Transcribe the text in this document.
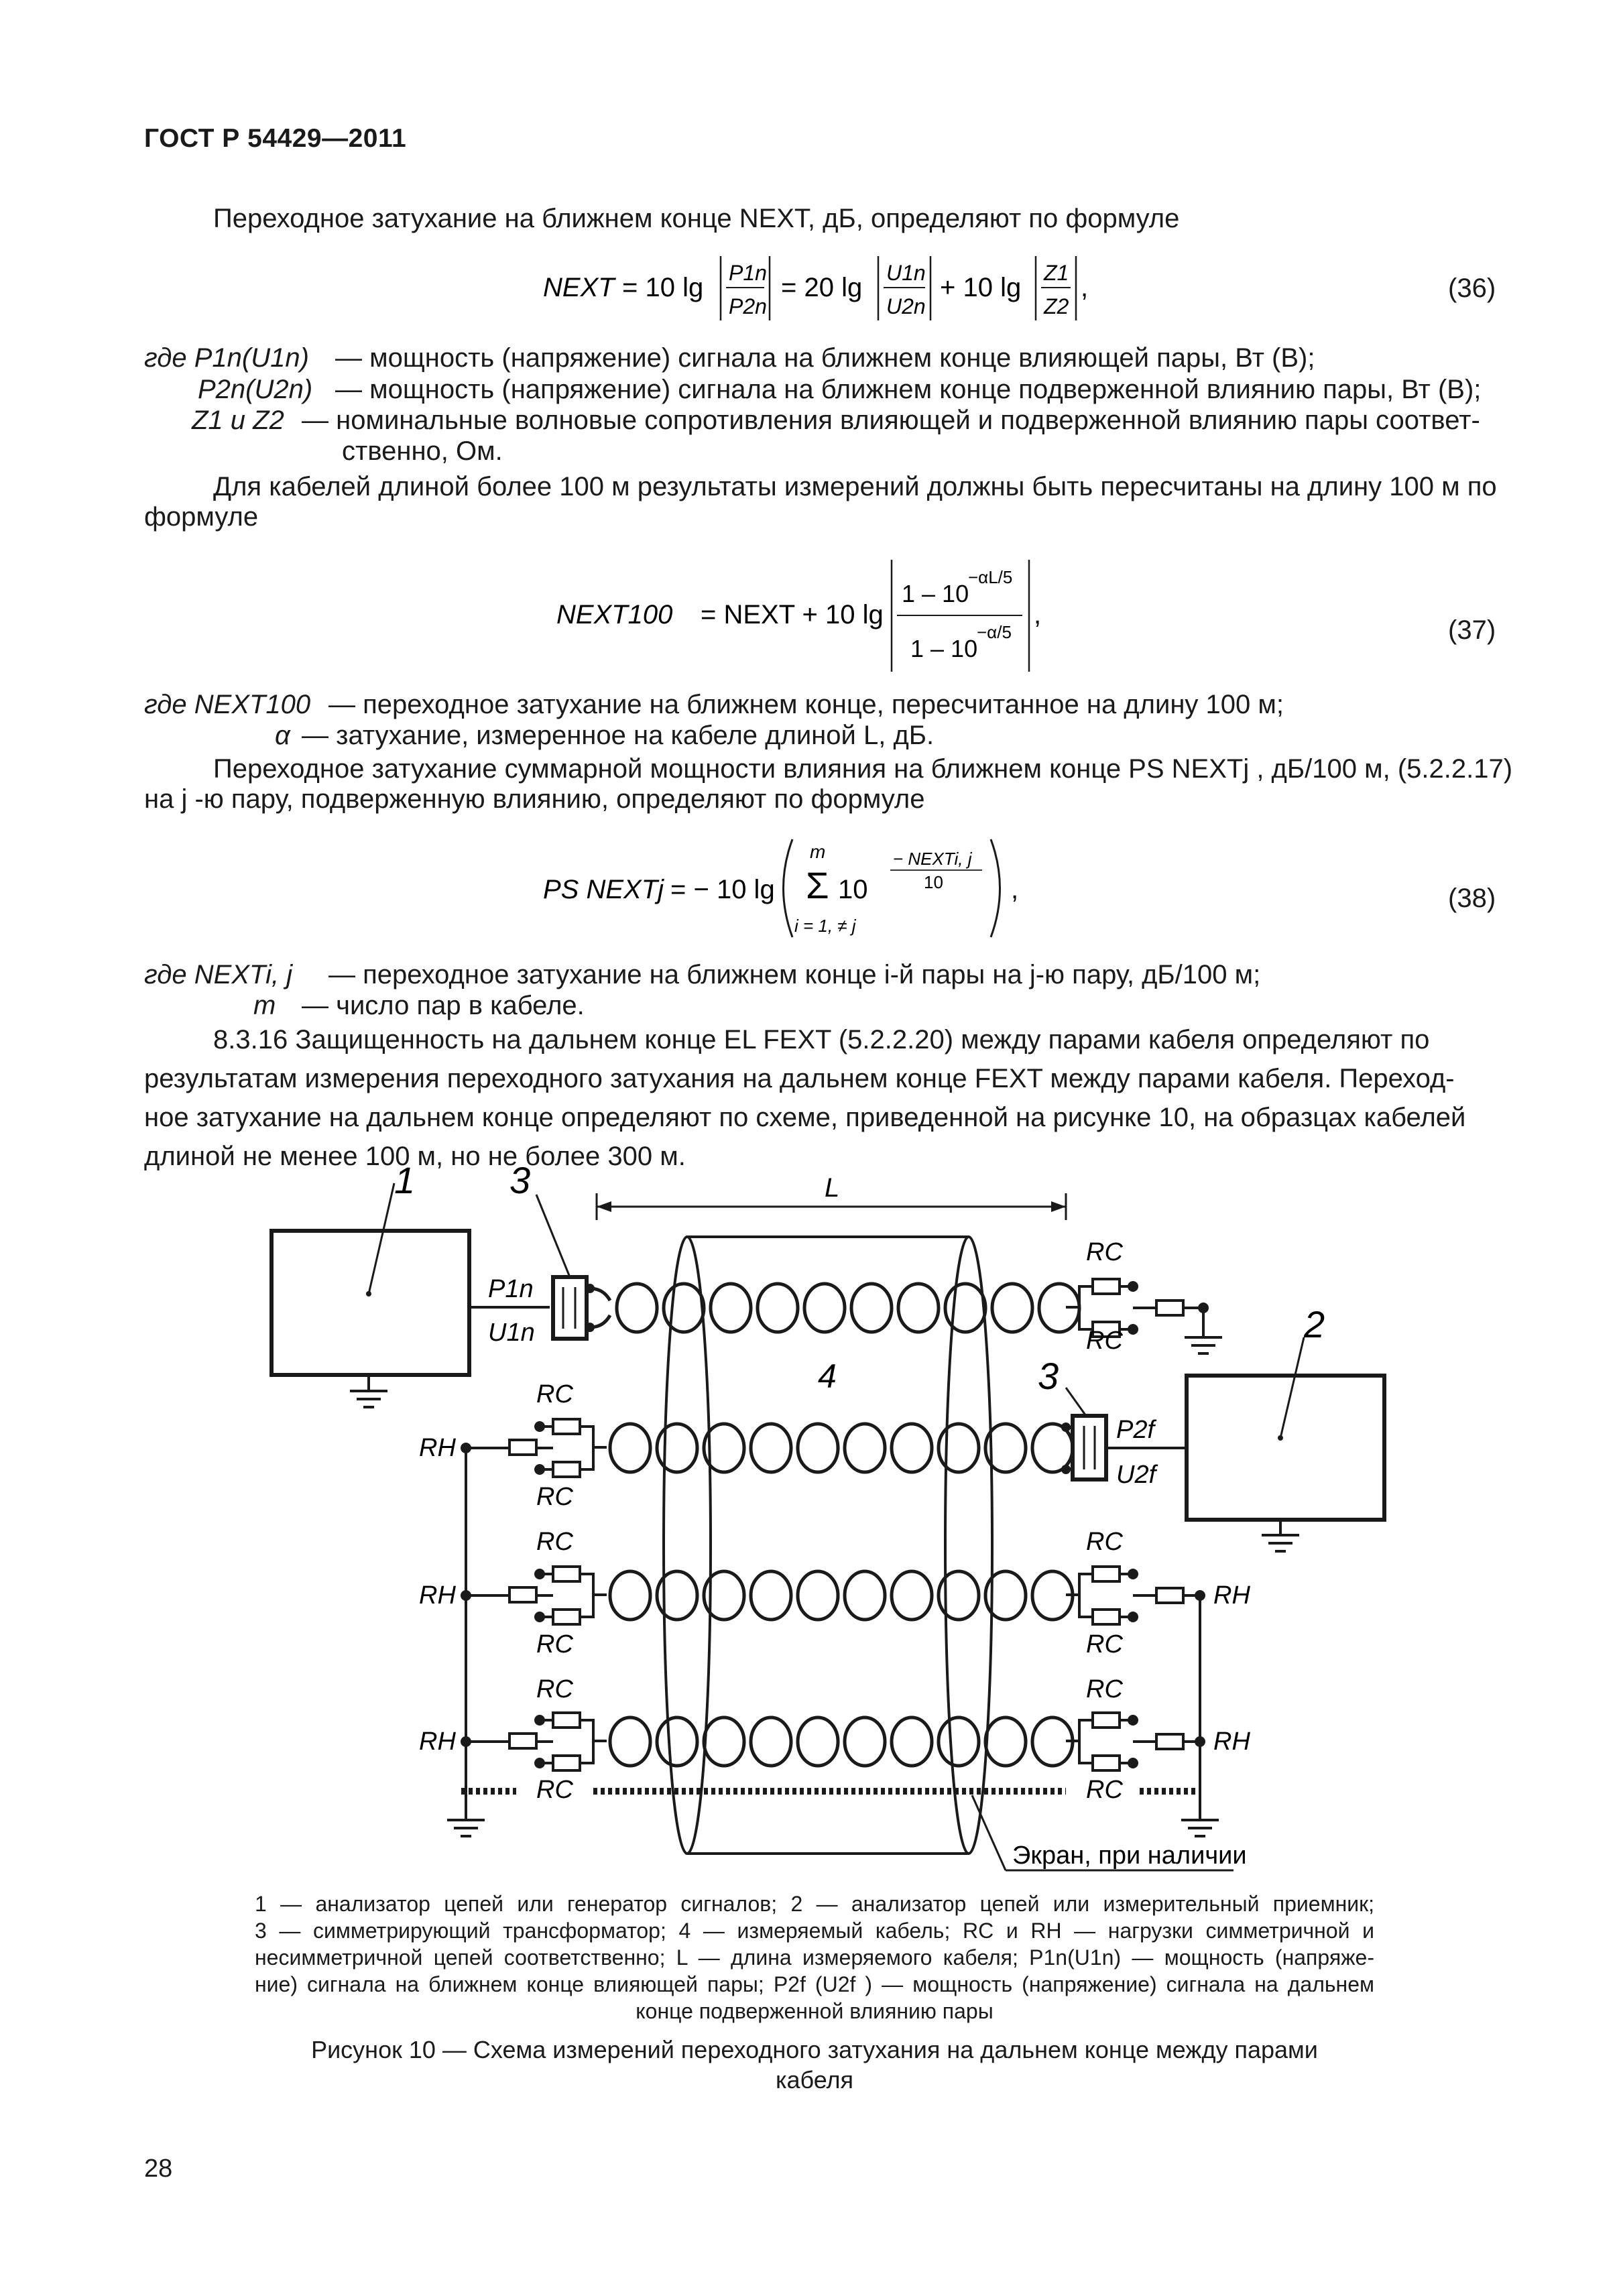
ГОСТ Р 54429—2011
Переходное затухание на ближнем конце NEXT, дБ, определяют по формуле
NEXT = 10 lg P1n
P2n
= 20 lg U1n
U2n
+ 10 lg Z1
Z2
,	(36)
где P1n(U1n) — мощность (напряжение) сигнала на ближнем конце влияющей пары, Вт (В);
P2n(U2n) — мощность (напряжение) сигнала на ближнем конце подверженной влиянию пары, Вт (В);
Z1 и Z2 — номинальные волновые сопротивления влияющей и подверженной влиянию пары соответ-
ственно, Ом.
Для кабелей длиной более 100 м результаты измерений должны быть пересчитаны на длину 100 м по
формуле
NEXT100 = NEXT + 10 lg
1 – 10
−αL/5
1 – 10
−α/5
,
(37)
где NEXT100 — переходное затухание на ближнем конце, пересчитанное на длину 100 м;
α — затухание, измеренное на кабеле длиной L, дБ.
Переходное затухание суммарной мощности влияния на ближнем конце PS NEXTj , дБ/100 м, (5.2.2.17)
на j -ю пару, подверженную влиянию, определяют по формуле
PS NEXTj = − 10 lg
m
Σ
i = 1, ≠ j
10
− NEXTi, j
10	,	(38)
где NEXTi, j — переходное затухание на ближнем конце i-й пары на j-ю пару, дБ/100 м;
m — число пар в кабеле.
8.3.16 Защищенность на дальнем конце EL FEXT (5.2.2.20) между парами кабеля определяют по
результатам измерения переходного затухания на дальнем конце FEXT между парами кабеля. Переход-
ное затухание на дальнем конце определяют по схеме, приведенной на рисунке 10, на образцах кабелей
длиной не менее 100 м, но не более 300 м.
1
P1n
U1n
3	L
4	3
P2f
U2f
2
RC
RC
RC
RC
RC
RC
RC
RC
RC
RC
RC
RC
RH
RH
RH
RH
RH
Экран, при наличии
1 — анализатор цепей или генератор сигналов; 2 — анализатор цепей или измерительный приемник;
3 — симметрирующий трансформатор; 4 — измеряемый кабель; RС и RН — нагрузки симметричной и
несимметричной цепей соответственно; L — длина измеряемого кабеля; P1n(U1n) — мощность (напряже-
ние) сигнала на ближнем конце влияющей пары; P2f (U2f ) — мощность (напряжение) сигнала на дальнем
конце подверженной влиянию пары
Рисунок 10 — Схема измерений переходного затухания на дальнем конце между парами
кабеля
28
